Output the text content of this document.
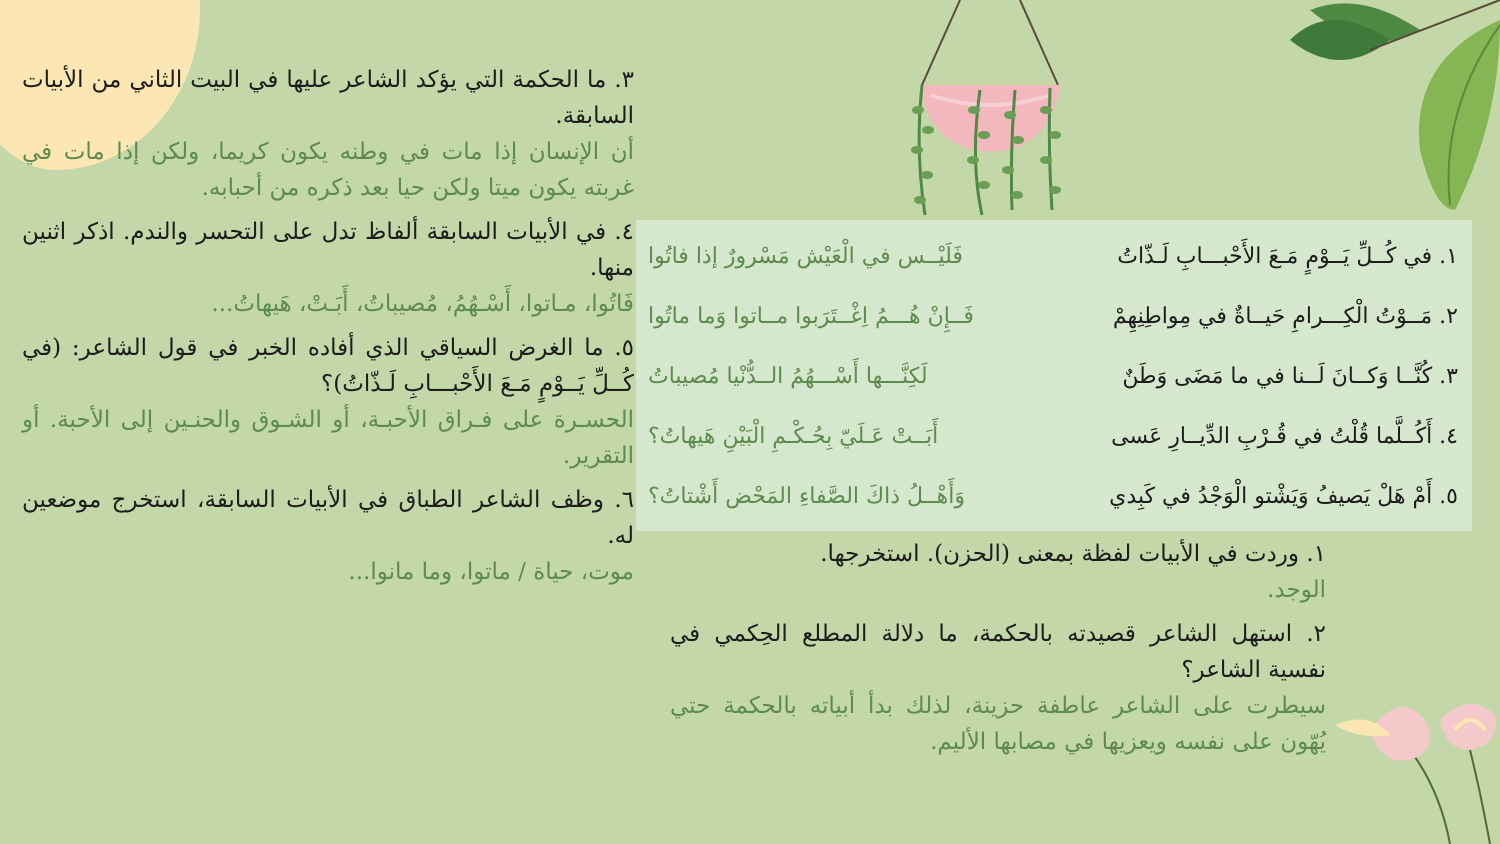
٣. ما الحكمة التي يؤكد الشاعر عليها في البيت الثاني من الأبيات السابقة.

أن الإنسان إذا مات في وطنه يكون كريما، ولكن إذا مات في غربته يكون ميتا ولكن حيا بعد ذكره من أحبابه.

٤. في الأبيات السابقة ألفاظ تدل على التحسر والندم. اذكر اثنين منها.

فَاتُوا، مـاتوا، أَسْـهُمُ، مُصيباتُ، أَبَـتْ، هَيهاتُ...

٥. ما الغرض السياقي الذي أفاده الخبر في قول الشاعر: (في كُــلِّ يَــوْمٍ مَـعَ الأَحْبـــابِ لَـذّاتُ)؟

الحسـرة على فـراق الأحبـة، أو الشـوق والحنـين إلى الأحبة. أو التقرير.

٦. وظف الشاعر الطباق في الأبيات السابقة، استخرج موضعين له.

موت، حياة / ماتوا، وما مانوا...

١. في كُــلِّ يَــوْمٍ مَـعَ الأَحْبـــابِ لَـذّاتُ
فَلَيْــس في الْعَيْش مَسْرورٌ إذا فاتُوا
٢. مَــوْتُ الْكِـــرامِ حَيــاةٌ في مِواطِنِهِمْ
فَــإِنْ هُـــمُ اِغْــتَرَبوا مــاتوا وَما ماتُوا
٣. كُنَّــا وَكــانَ لَــنا في ما مَضَى وَطَنٌ
لَكِنَّـــها أَسْـــهُمُ الــدُّنْيا مُصيباتُ
٤. أَكُــلَّما قُلْتُ في قُـرْبِ الدِّيــارِ عَسى
أَبَــتْ عَـلَيّ بِحُـكْـمِ الْبَيْنِ هَيهاتُ؟
٥. أَمْ هَلْ يَصيفُ وَيَشْتو الْوَجْدُ في كَبِدي
وَأَهْــلُ ذاكَ الصَّفاءِ المَحْض أَشْتاتُ؟

١. وردت في الأبيات لفظة بمعنى (الحزن). استخرجها.

الوجد.

٢. استهل الشاعر قصيدته بالحكمة، ما دلالة المطلع الحِكمي في نفسية الشاعر؟

سيطرت على الشاعر عاطفة حزينة، لذلك بدأ أبياته بالحكمة حتي يُهّون على نفسه ويعزيها في مصابها الأليم.
